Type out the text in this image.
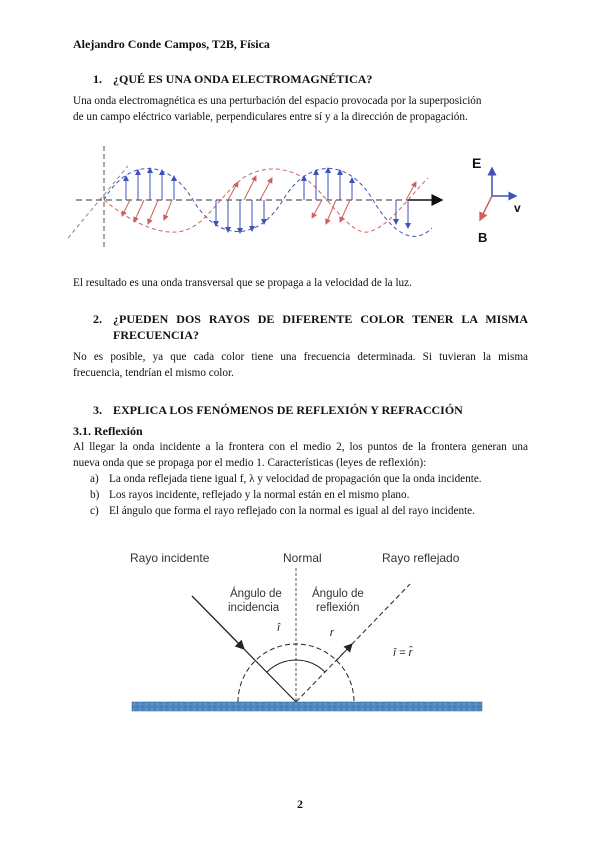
Alejandro Conde Campos, T2B, Física
1. ¿QUÉ ES UNA ONDA ELECTROMAGNÉTICA?
Una onda electromagnética es una perturbación del espacio provocada por la superposición
de un campo eléctrico variable, perpendiculares entre sí y a la dirección de propagación.
E
v
B
El resultado es una onda transversal que se propaga a la velocidad de la luz.
2. ¿PUEDEN DOS RAYOS DE DIFERENTE COLOR TENER LA MISMA
FRECUENCIA?
No es posible, ya que cada color tiene una frecuencia determinada. Si tuvieran la misma
frecuencia, tendrían el mismo color.
3. EXPLICA LOS FENÓMENOS DE REFLEXIÓN Y REFRACCIÓN
3.1. Reflexión
Al llegar la onda incidente a la frontera con el medio 2, los puntos de la frontera generan una
nueva onda que se propaga por el medio 1. Características (leyes de reflexión):
a) La onda reflejada tiene igual f, λ y velocidad de propagación que la onda incidente.
b) Los rayos incidente, reflejado y la normal están en el mismo plano.
c) El ángulo que forma el rayo reflejado con la normal es igual al del rayo incidente.
Rayo incidente	Normal	Rayo reflejado
Ángulo de
incidencia
Ángulo de
reflexión
î	r
î = r̂
2
